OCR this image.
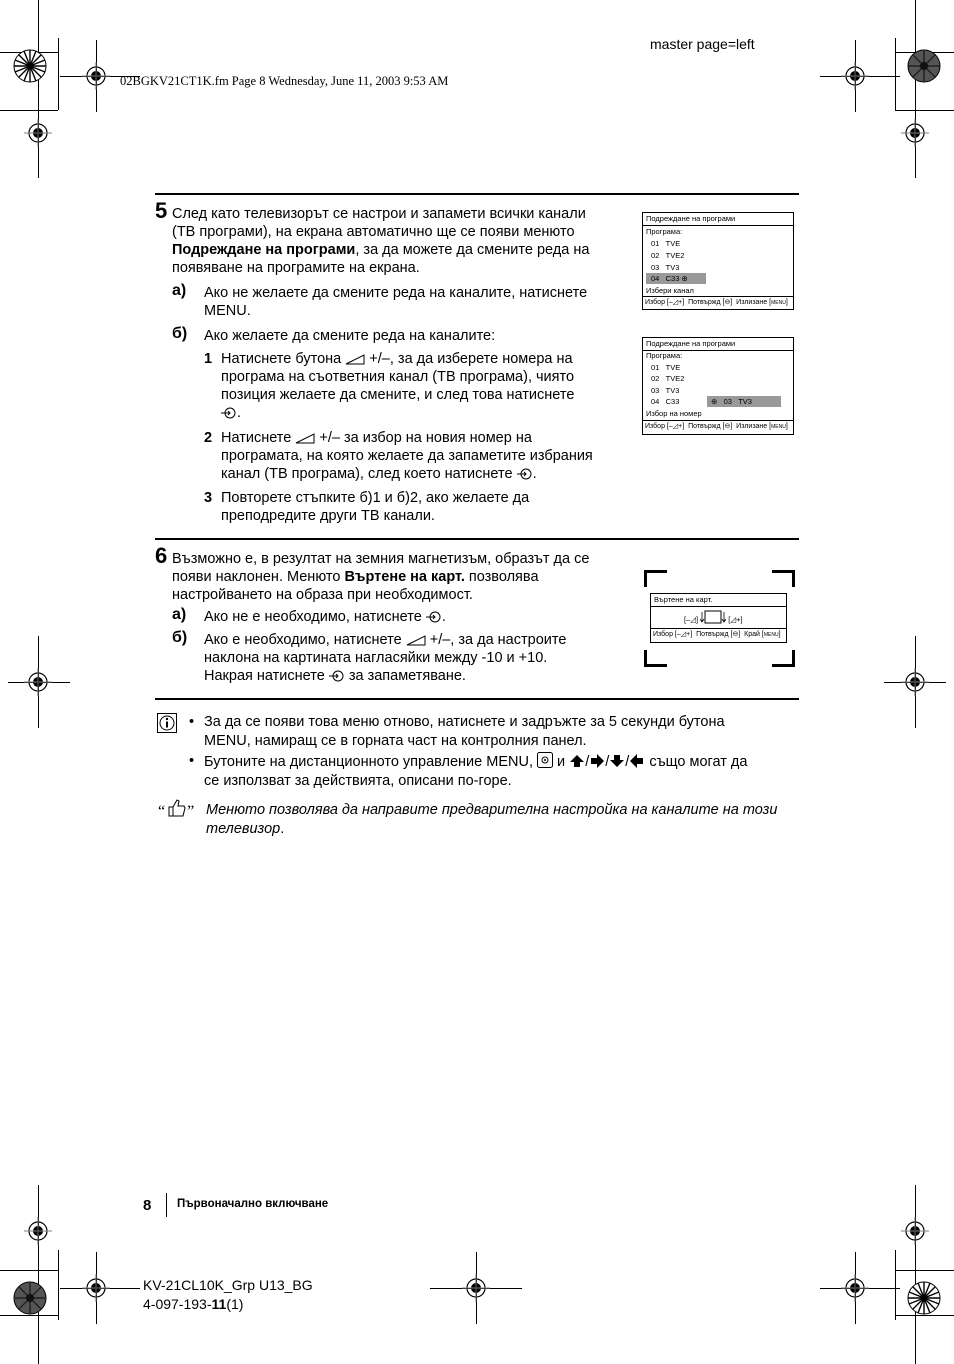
master page=left
02BGKV21CT1K.fm Page 8 Wednesday, June 11, 2003 9:53 AM
5 След като телевизорът се настрои и запамети всички канали
(ТВ програми), на екрана автоматично ще се появи менюто
Подреждане на програми, за да можете да смените реда на
появяване на програмите на екрана.
а) Ако не желаете да смените реда на каналите, натиснете
MENU.
б) Ако желаете да смените реда на каналите:
1 Натиснете бутона +/–, за да изберете номера на
програма на съответния канал (ТВ програма), чиято
позиция желаете да смените, и след това натиснете
.
2 Натиснете +/– за избор на новия номер на
програмата, на която желаете да запаметите избрания
канал (ТВ програма), след което натиснете .
3 Повторете стъпките б)1 и б)2, ако желаете да
преподредите други ТВ канали.
Подреждане на програми
Програма:
01 TVE
02 TVE2
03 TV3
04 C33 ⊕
Избери канал
Избор [–◿+]  Потвържд [⊖]  Излизане [MENU]
Подреждане на програми
Програма:
01 TVE
02 TVE2
03 TV3
04 C33	⊕ 03 TV3
Избор на номер
Избор [–◿+]  Потвържд [⊖]  Излизане [MENU]
6 Възможно е, в резултат на земния магнетизъм, образът да се
появи наклонен. Менюто Въртене на карт. позволява
настройването на образа при необходимост.
а) Ако не е необходимо, натиснете .
б) Ако е необходимо, натиснете +/–, за да настроите
наклона на картината нагласяйки между -10 и +10.
Накрая натиснете за запаметяване.
Въртене на карт.
[–◿]	[◿+]
Избор [–◿+]  Потвържд [⊖]  Край [MENU]
• За да се появи това меню отново, натиснете и задръжте за 5 секунди бутона
MENU, намиращ се в горната част на контролния панел.
• Бутоните на дистанционното управление MENU, и / / / също могат да
се използват за действията, описани по-горе.
“ ” Менюто позволява да направите предварителна настройка на каналите на този
телевизор.
8 Първоначално включване
KV-21CL10K_Grp U13_BG
4-097-193-11(1)
